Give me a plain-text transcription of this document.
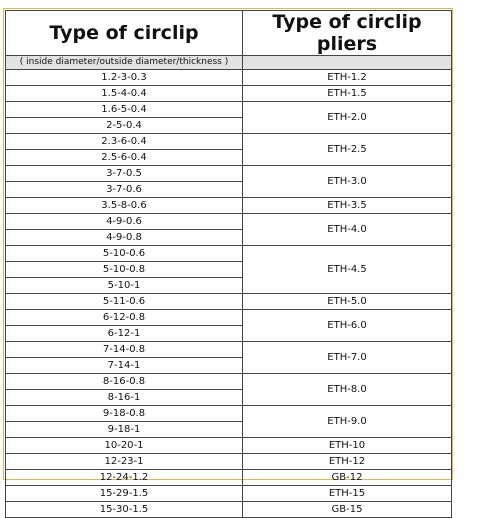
Type of circlip	Type of circlip pliers
( inside diameter/outside diameter/thickness )	
1.2-3-0.3	ETH-1.2
1.5-4-0.4	ETH-1.5
1.6-5-0.4	ETH-2.0
2-5-0.4	
2.3-6-0.4	ETH-2.5
2.5-6-0.4	
3-7-0.5	ETH-3.0
3-7-0.6	
3.5-8-0.6	ETH-3.5
4-9-0.6	ETH-4.0
4-9-0.8	
5-10-0.6	ETH-4.5
5-10-0.8	
5-10-1	
5-11-0.6	ETH-5.0
6-12-0.8	ETH-6.0
6-12-1	
7-14-0.8	ETH-7.0
7-14-1	
8-16-0.8	ETH-8.0
8-16-1	
9-18-0.8	ETH-9.0
9-18-1	
10-20-1	ETH-10
12-23-1	ETH-12
12-24-1.2	GB-12
15-29-1.5	ETH-15
15-30-1.5	GB-15
